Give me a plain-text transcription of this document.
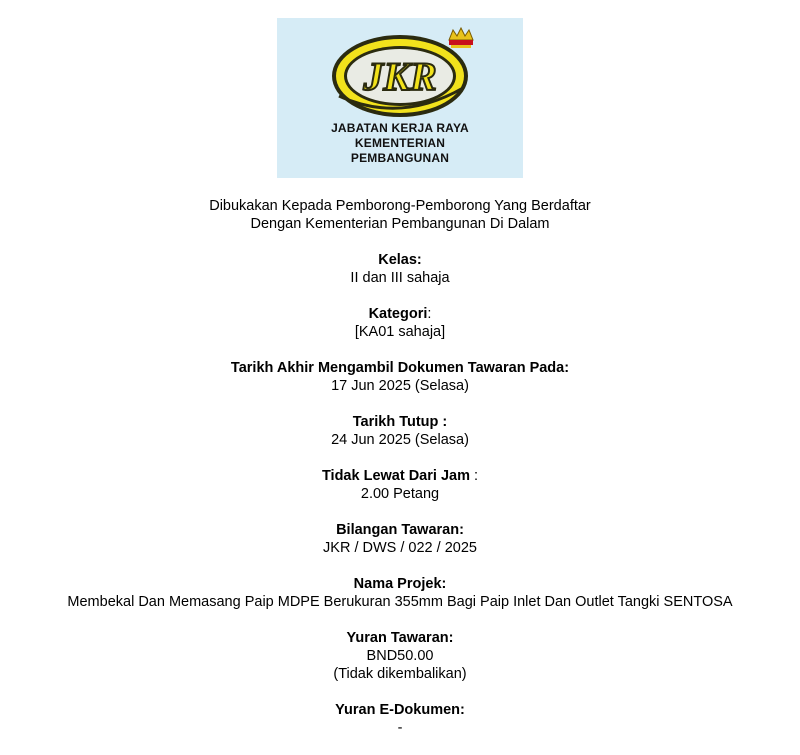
JKR
JABATAN KERJA RAYA
KEMENTERIAN
PEMBANGUNAN
Dibukakan Kepada Pemborong-Pemborong Yang Berdaftar
Dengan Kementerian Pembangunan Di Dalam
Kelas:
II dan III sahaja
Kategori:
[KA01 sahaja]
Tarikh Akhir Mengambil Dokumen Tawaran Pada:
17 Jun 2025 (Selasa)
Tarikh Tutup :
24 Jun 2025 (Selasa)
Tidak Lewat Dari Jam :
2.00 Petang
Bilangan Tawaran:
JKR / DWS / 022 / 2025
Nama Projek:
Membekal Dan Memasang Paip MDPE Berukuran 355mm Bagi Paip Inlet Dan Outlet Tangki SENTOSA
Yuran Tawaran:
BND50.00
(Tidak dikembalikan)
Yuran E-Dokumen:
-
